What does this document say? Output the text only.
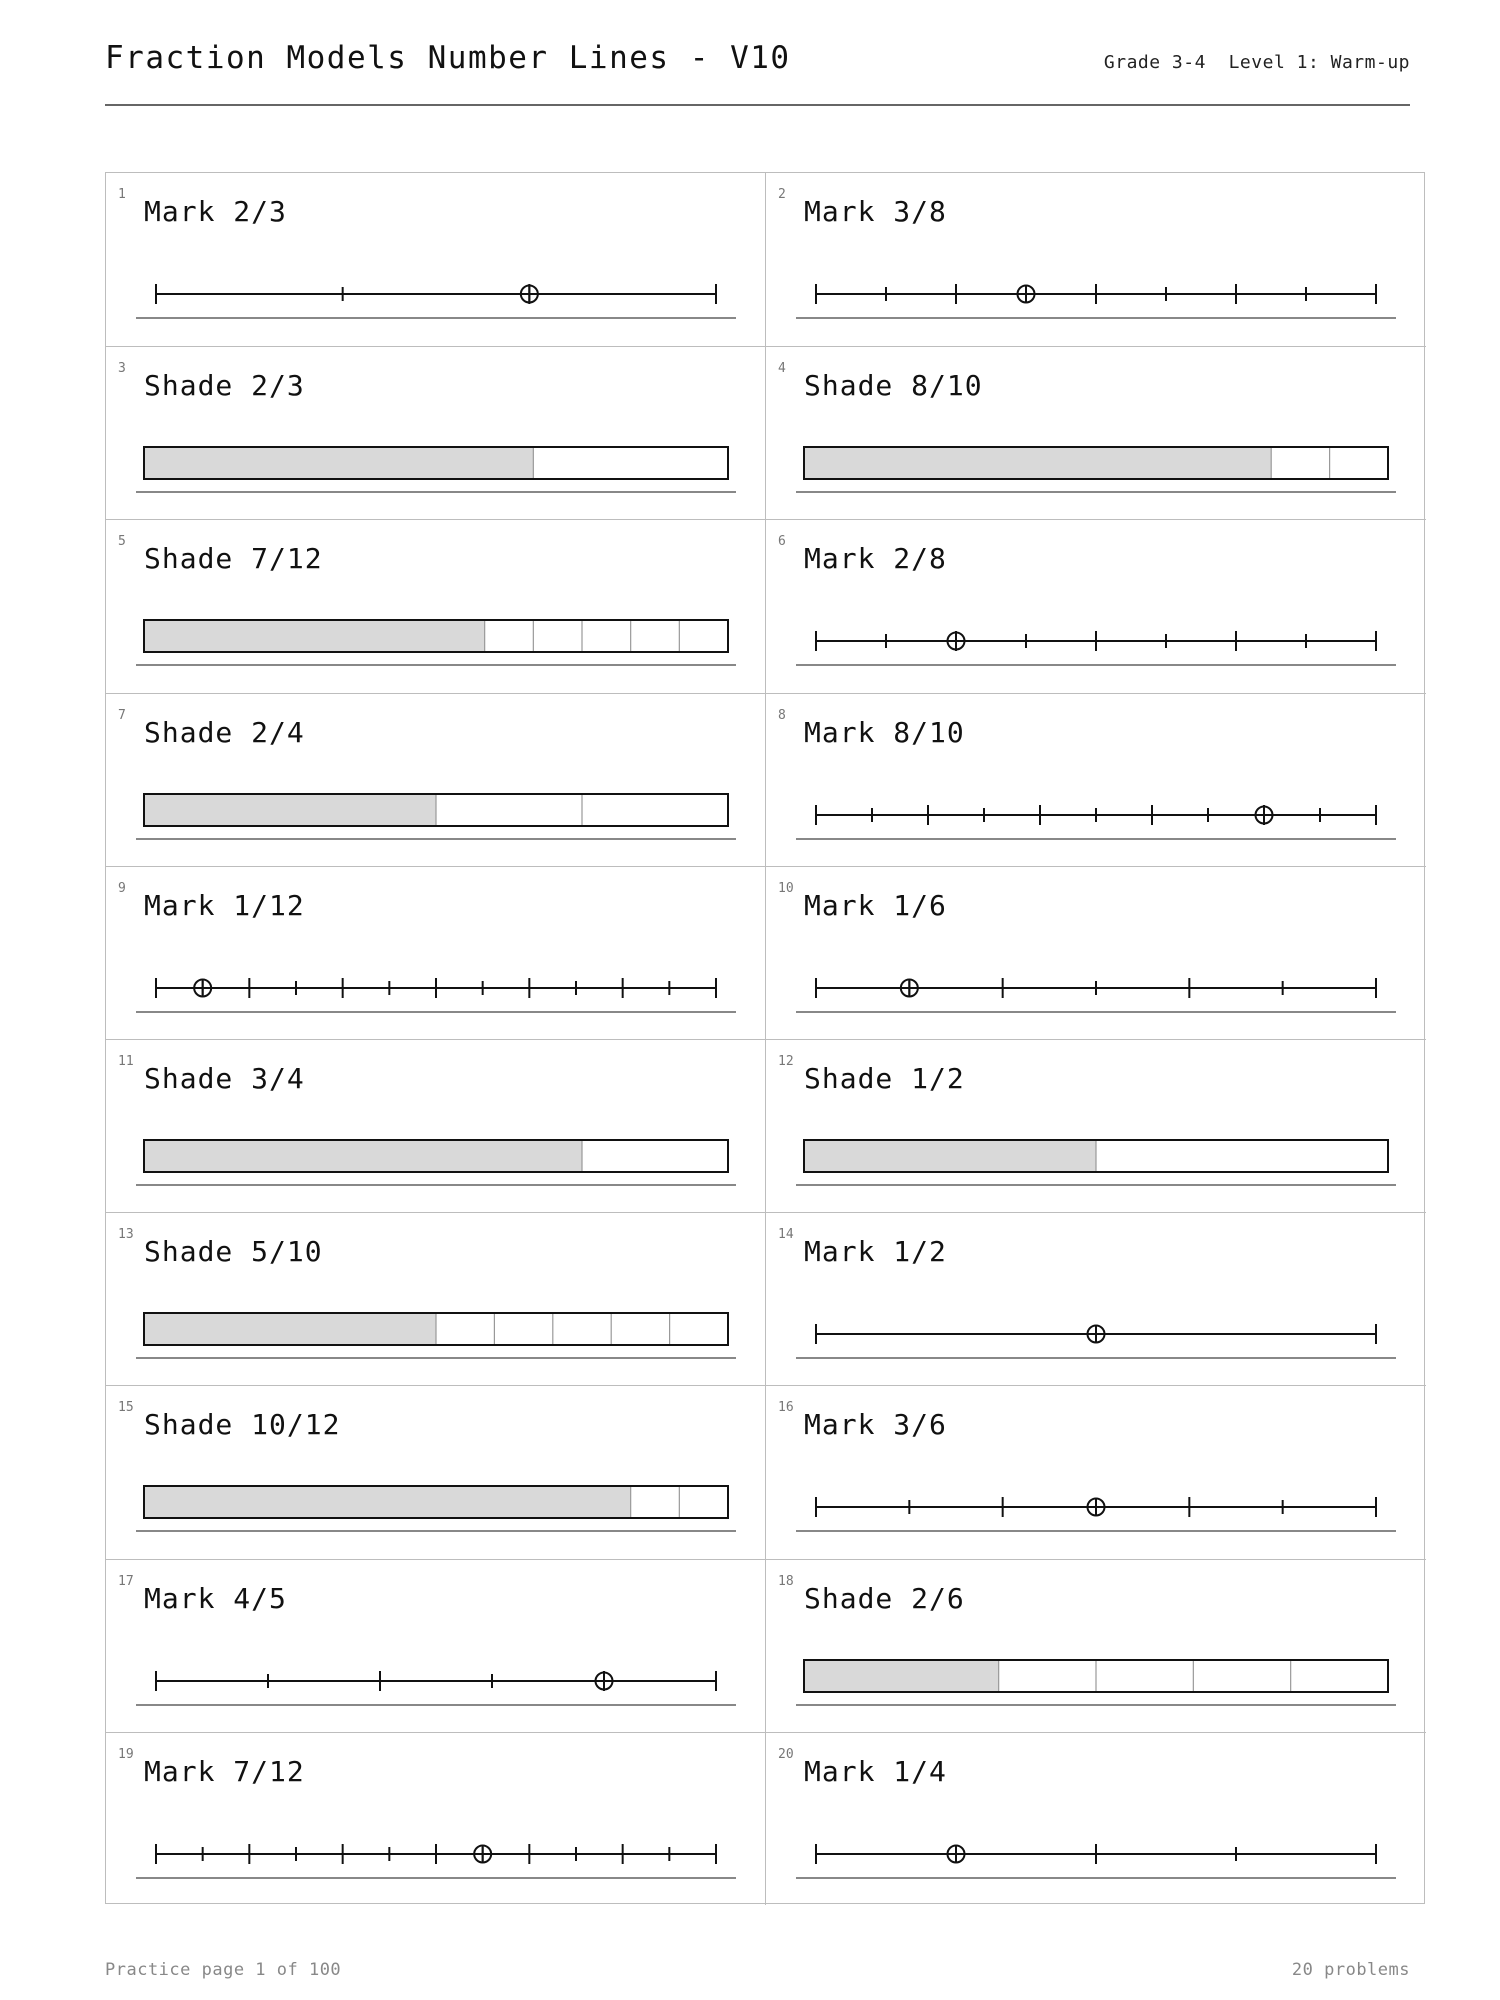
Fraction Models Number Lines - V10	Grade 3-4  Level 1: Warm-up
1
Mark 2/3
2
Mark 3/8
3
Shade 2/3
4
Shade 8/10
5
Shade 7/12
6
Mark 2/8
7
Shade 2/4
8
Mark 8/10
9
Mark 1/12
10
Mark 1/6
11
Shade 3/4
12
Shade 1/2
13
Shade 5/10
14
Mark 1/2
15
Shade 10/12
16
Mark 3/6
17
Mark 4/5
18
Shade 2/6
19
Mark 7/12
20
Mark 1/4
Practice page 1 of 100	20 problems
